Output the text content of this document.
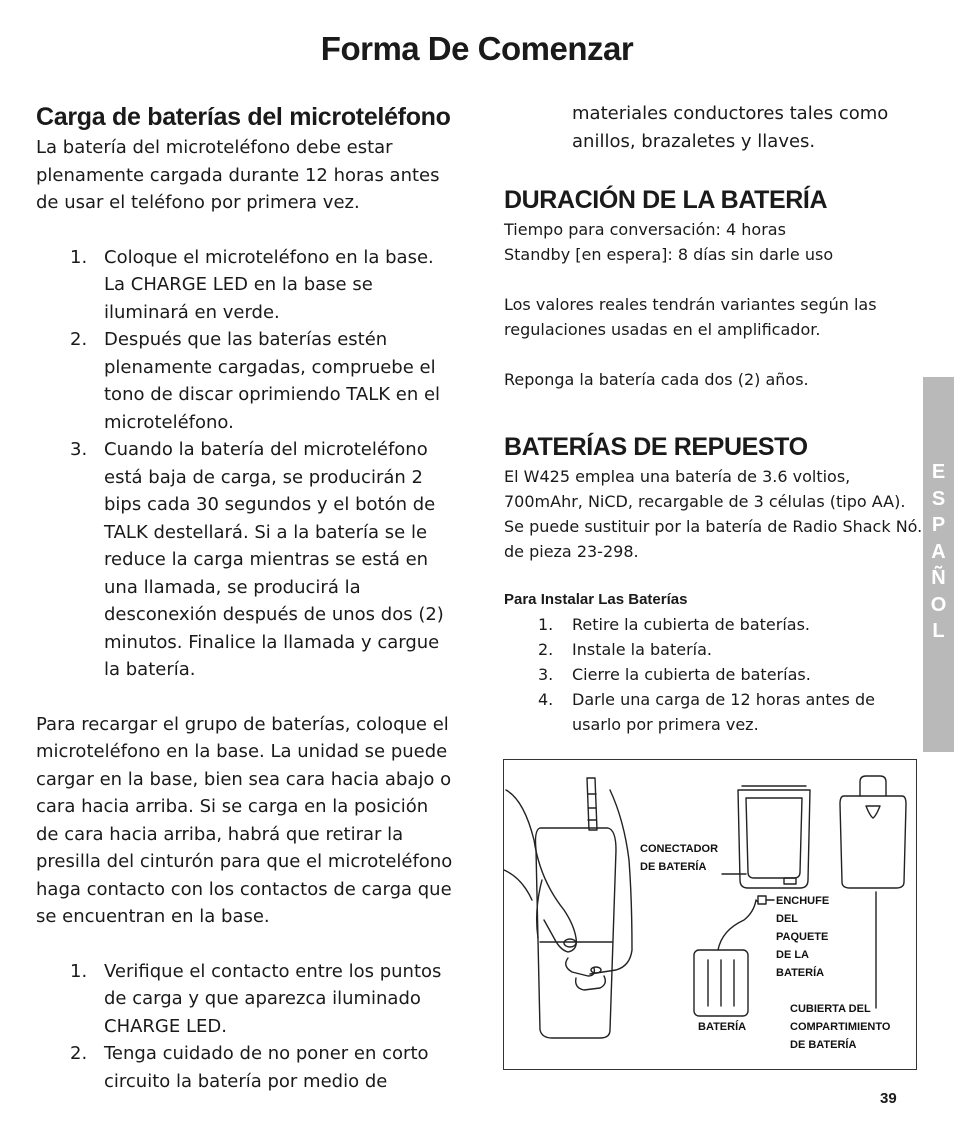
Forma De Comenzar
Carga de baterías del microteléfono

La batería del microteléfono debe estar plenamente cargada durante 12 horas antes de usar el teléfono por primera vez.

1. Coloque el microteléfono en la base. La CHARGE LED en la base se iluminará en verde.
2. Después que las baterías estén plenamente cargadas, compruebe el tono de discar oprimiendo TALK en el microteléfono.
3. Cuando la batería del microteléfono está baja de carga, se producirán 2 bips cada 30 segundos y el botón de TALK destellará. Si a la batería se le reduce la carga mientras se está en una llamada, se producirá la desconexión después de unos dos (2) minutos. Finalice la llamada y cargue la batería.

Para recargar el grupo de baterías, coloque el microteléfono en la base. La unidad se puede cargar en la base, bien sea cara hacia abajo o cara hacia arriba. Si se carga en la posición de cara hacia arriba, habrá que retirar la presilla del cinturón para que el microteléfono haga contacto con los contactos de carga que se encuentran en la base.

1. Verifique el contacto entre los puntos de carga y que aparezca iluminado CHARGE LED.
2. Tenga cuidado de no poner en corto circuito la batería por medio de

materiales conductores tales como anillos, brazaletes y llaves.

DURACIÓN DE LA BATERÍA

Tiempo para conversación: 4 horas

Standby [en espera]: 8 días sin darle uso

Los valores reales tendrán variantes según las regulaciones usadas en el amplificador.

Reponga la batería cada dos (2) años.

BATERÍAS DE REPUESTO

El W425 emplea una batería de 3.6 voltios, 700mAhr, NiCD, recargable de 3 células (tipo AA). Se puede sustituir por la batería de Radio Shack Nó. de pieza 23-298.

Para Instalar Las Baterías
1. Retire la cubierta de baterías.
2. Instale la batería.
3. Cierre la cubierta de baterías.
4. Darle una carga de 12 horas antes de usarlo por primera vez.
E
S
P
A
Ñ
O
L
CONECTADOR
DE BATERÍA
ENCHUFE
DEL
PAQUETE
DE LA
BATERÍA
BATERÍA
CUBIERTA DEL
COMPARTIMIENTO
DE BATERÍA
39
